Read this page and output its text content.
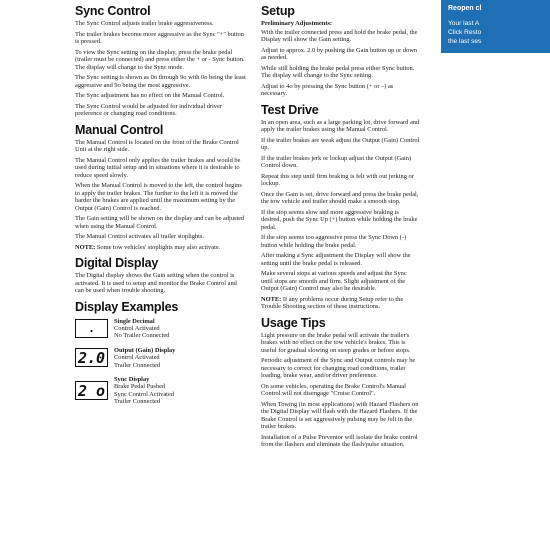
Sync Control

The Sync Control adjusts trailer brake aggressiveness.

The trailer brakes become more aggressive as the Sync "+" button is pressed.

To view the Sync setting on the display, press the brake pedal (trailer must be connected) and press either the + or - Sync button. The display will change to the Sync mode.

The Sync setting is shown as 0o through 9o with 0o being the least aggressive and 9o being the most aggressive.

The Sync adjustment has no effect on the Manual Control.

The Sync Control would be adjusted for individual driver preference or changing road conditions.

Manual Control

The Manual Control is located on the front of the Brake Control Unit at the right side.

The Manual Control only applies the trailer brakes and would be used during initial setup and in situations where it is desirable to reduce speed slowly.

When the Manual Control is moved to the left, the control begins to apply the trailer brakes. The further to the left it is moved the harder the brakes are applied until the maximum setting by the Output (Gain) Control is reached.

The Gain setting will be shown on the display and can be adjusted when using the Manual Control.

The Manual Control activates all trailer stoplights.

NOTE: Some tow vehicles' stoplights may also activate.

Digital Display

The Digital display shows the Gain setting when the control is activated. It is used to setup and monitor the Brake Control and can be used when trouble shooting.

Display Examples
.
Single Decimal
Control Activated
No Trailer Connected
2.0	Output (Gain) Display
Control Activated
Trailer Connected
2 o
Sync Display
Brake Pedal Pushed
Sync Control Activated
Trailer Connected
Setup
Preliminary Adjustments:

With the trailer connected press and hold the brake pedal, the Display will show the Gain setting.

Adjust to approx. 2.0 by pushing the Gain button up or down as needed.

While still holding the brake pedal press either Sync button. The display will change to the Sync setting.

Adjust to 4o by pressing the Sync button (+ or –) as necessary.

Test Drive

In an open area, such as a large parking lot, drive forward and apply the trailer brakes using the Manual Control.

If the trailer brakes are weak adjust the Output (Gain) Control up.

If the trailer brakes jerk or lockup adjust the Output (Gain) Control down.

Repeat this step until firm braking is felt with out jerking or lockup.

Once the Gain is set, drive forward and press the brake pedal, the tow vehicle and trailer should make a smooth stop.

If the stop seems slow and more aggressive braking is desired, push the Sync Up (+) button while holding the brake pedal.

If the stop seems too aggressive press the Sync Down (-) button while holding the brake pedal.

After making a Sync adjustment the Display will show the setting until the brake pedal is released.

Make several stops at various speeds and adjust the Sync until stops are smooth and firm. Slight adjustment of the Output (Gain) Control may also be desirable.

NOTE: If any problems occur during Setup refer to the Trouble Shooting section of these instructions.

Usage Tips

Light pressure on the brake pedal will activate the trailer's brakes with no effect on the tow vehicle's brakes. This is useful for gradual slowing on steep grades or before stops.

Periodic adjustment of the Sync and Output controls may be necessary to correct for changing road conditions, trailer loading, brake wear, and/or driver preference.

On some vehicles, operating the Brake Control's Manual Control will not disengage "Cruise Control".

When Towing (in most applications) with Hazard Flashers on the Digital Display will flash with the Hazard Flashers. If the Brake Control is set aggressively pulsing may be felt in the trailer brakes.

Installation of a Pulse Preventor will isolate the brake control from the flashers and eliminate the flash/pulse situation.

Reopen cl
Your last A
Click Resto
the last ses
